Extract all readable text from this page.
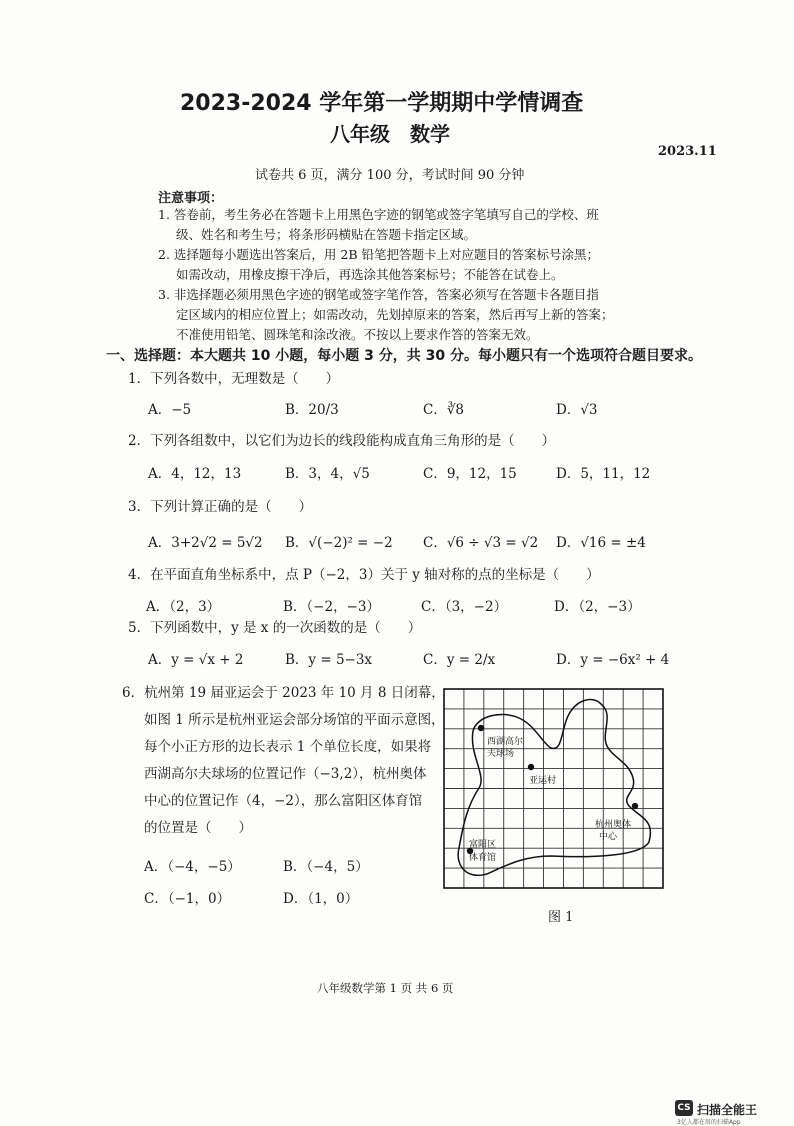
2023-2024 学年第一学期期中学情调查
八年级　数学
2023.11
试卷共 6 页，满分 100 分，考试时间 90 分钟
注意事项：
1. 答卷前，考生务必在答题卡上用黑色字迹的钢笔或签字笔填写自己的学校、班
级、姓名和考生号；将条形码横贴在答题卡指定区域。
2. 选择题每小题选出答案后，用 2B 铅笔把答题卡上对应题目的答案标号涂黑；
如需改动，用橡皮擦干净后，再选涂其他答案标号；不能答在试卷上。
3. 非选择题必须用黑色字迹的钢笔或签字笔作答，答案必须写在答题卡各题目指
定区域内的相应位置上；如需改动，先划掉原来的答案，然后再写上新的答案；
不准使用铅笔、圆珠笔和涂改液。不按以上要求作答的答案无效。
一、选择题：本大题共 10 小题，每小题 3 分，共 30 分。每小题只有一个选项符合题目要求。
1．下列各数中，无理数是（　　）
A．−5	B．20/3	C．∛8	D．√3
2．下列各组数中，以它们为边长的线段能构成直角三角形的是（　　）
A．4，12，13	B．3，4，√5	C．9，12，15	D．5，11，12
3．下列计算正确的是（　　）
A．3+2√2 = 5√2 B．√(−2)² = −2 C．√6 ÷ √3 = √2 D．√16 = ±4
4．在平面直角坐标系中，点 P（−2，3）关于 y 轴对称的点的坐标是（　　）
A．（2，3）	B．（−2，−3）	C．（3，−2）	D．（2，−3）
5．下列函数中，y 是 x 的一次函数的是（　　）
A．y = √x + 2	B．y = 5−3x	C．y = 2/x	D．y = −6x² + 4
6．杭州第 19 届亚运会于 2023 年 10 月 8 日闭幕，
如图 1 所示是杭州亚运会部分场馆的平面示意图，
每个小正方形的边长表示 1 个单位长度，如果将
西湖高尔夫球场的位置记作（−3,2），杭州奥体
中心的位置记作（4，−2），那么富阳区体育馆
的位置是（　　）
A．（−4，−5）	B．（−4，5）
C．（−1，0）	D．（1，0）
西湖高尔
夫球场
亚运村
杭州奥体
中心
富阳区
体育馆
图 1
八年级数学第 1 页 共 6 页
CS 扫描全能王
3亿人都在用的扫描App
